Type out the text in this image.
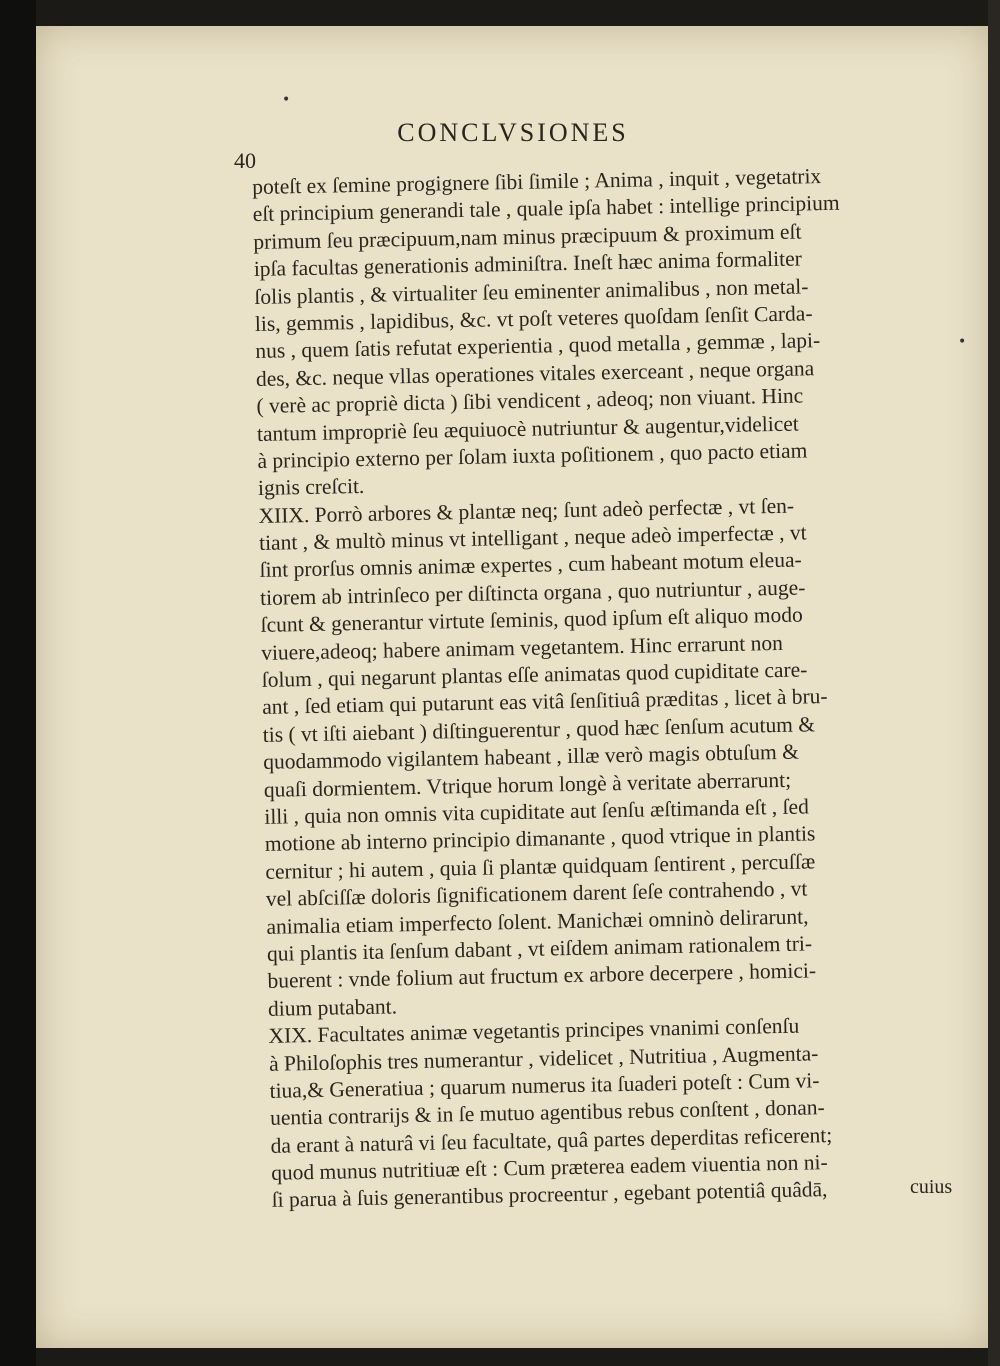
CONCLVSIONES
40
poteſt ex ſemine progignere ſibi ſimile ; Anima , inquit , vegetatrix
eſt principium generandi tale , quale ipſa habet : intellige principium
primum ſeu præcipuum,nam minus præcipuum & proximum eſt
ipſa facultas generationis adminiſtra. Ineſt hæc anima formaliter
ſolis plantis , & virtualiter ſeu eminenter animalibus , non metal-
lis, gemmis , lapidibus, &c. vt poſt veteres quoſdam ſenſit Carda-
nus , quem ſatis refutat experientia , quod metalla , gemmæ , lapi-
des, &c. neque vllas operationes vitales exerceant , neque organa
( verè ac propriè dicta ) ſibi vendicent , adeoq; non viuant. Hinc
tantum impropriè ſeu æquiuocè nutriuntur & augentur,videlicet
à principio externo per ſolam iuxta poſitionem , quo pacto etiam
ignis creſcit.
XIIX. Porrò arbores & plantæ neq; ſunt adeò perfectæ , vt ſen-
tiant , & multò minus vt intelligant , neque adeò imperfectæ , vt
ſint prorſus omnis animæ expertes , cum habeant motum eleua-
tiorem ab intrinſeco per diſtincta organa , quo nutriuntur , auge-
ſcunt & generantur virtute ſeminis, quod ipſum eſt aliquo modo
viuere,adeoq; habere animam vegetantem. Hinc errarunt non
ſolum , qui negarunt plantas eſſe animatas quod cupiditate care-
ant , ſed etiam qui putarunt eas vitâ ſenſitiuâ præditas , licet à bru-
tis ( vt iſti aiebant ) diſtinguerentur , quod hæc ſenſum acutum &
quodammodo vigilantem habeant , illæ verò magis obtuſum &
quaſi dormientem. Vtrique horum longè à veritate aberrarunt;
illi , quia non omnis vita cupiditate aut ſenſu æſtimanda eſt , ſed
motione ab interno principio dimanante , quod vtrique in plantis
cernitur ; hi autem , quia ſi plantæ quidquam ſentirent , percuſſæ
vel abſciſſæ doloris ſignificationem darent ſeſe contrahendo , vt
animalia etiam imperfecto ſolent. Manichæi omninò delirarunt,
qui plantis ita ſenſum dabant , vt eiſdem animam rationalem tri-
buerent : vnde folium aut fructum ex arbore decerpere , homici-
dium putabant.
XIX. Facultates animæ vegetantis principes vnanimi conſenſu
à Philoſophis tres numerantur , videlicet , Nutritiua , Augmenta-
tiua,& Generatiua ; quarum numerus ita ſuaderi poteſt : Cum vi-
uentia contrarijs & in ſe mutuo agentibus rebus conſtent , donan-
da erant à naturâ vi ſeu facultate, quâ partes deperditas reficerent;
quod munus nutritiuæ eſt : Cum præterea eadem viuentia non ni-
ſi parua à ſuis generantibus procreentur , egebant potentiâ quâdā,	cuius
•
•
